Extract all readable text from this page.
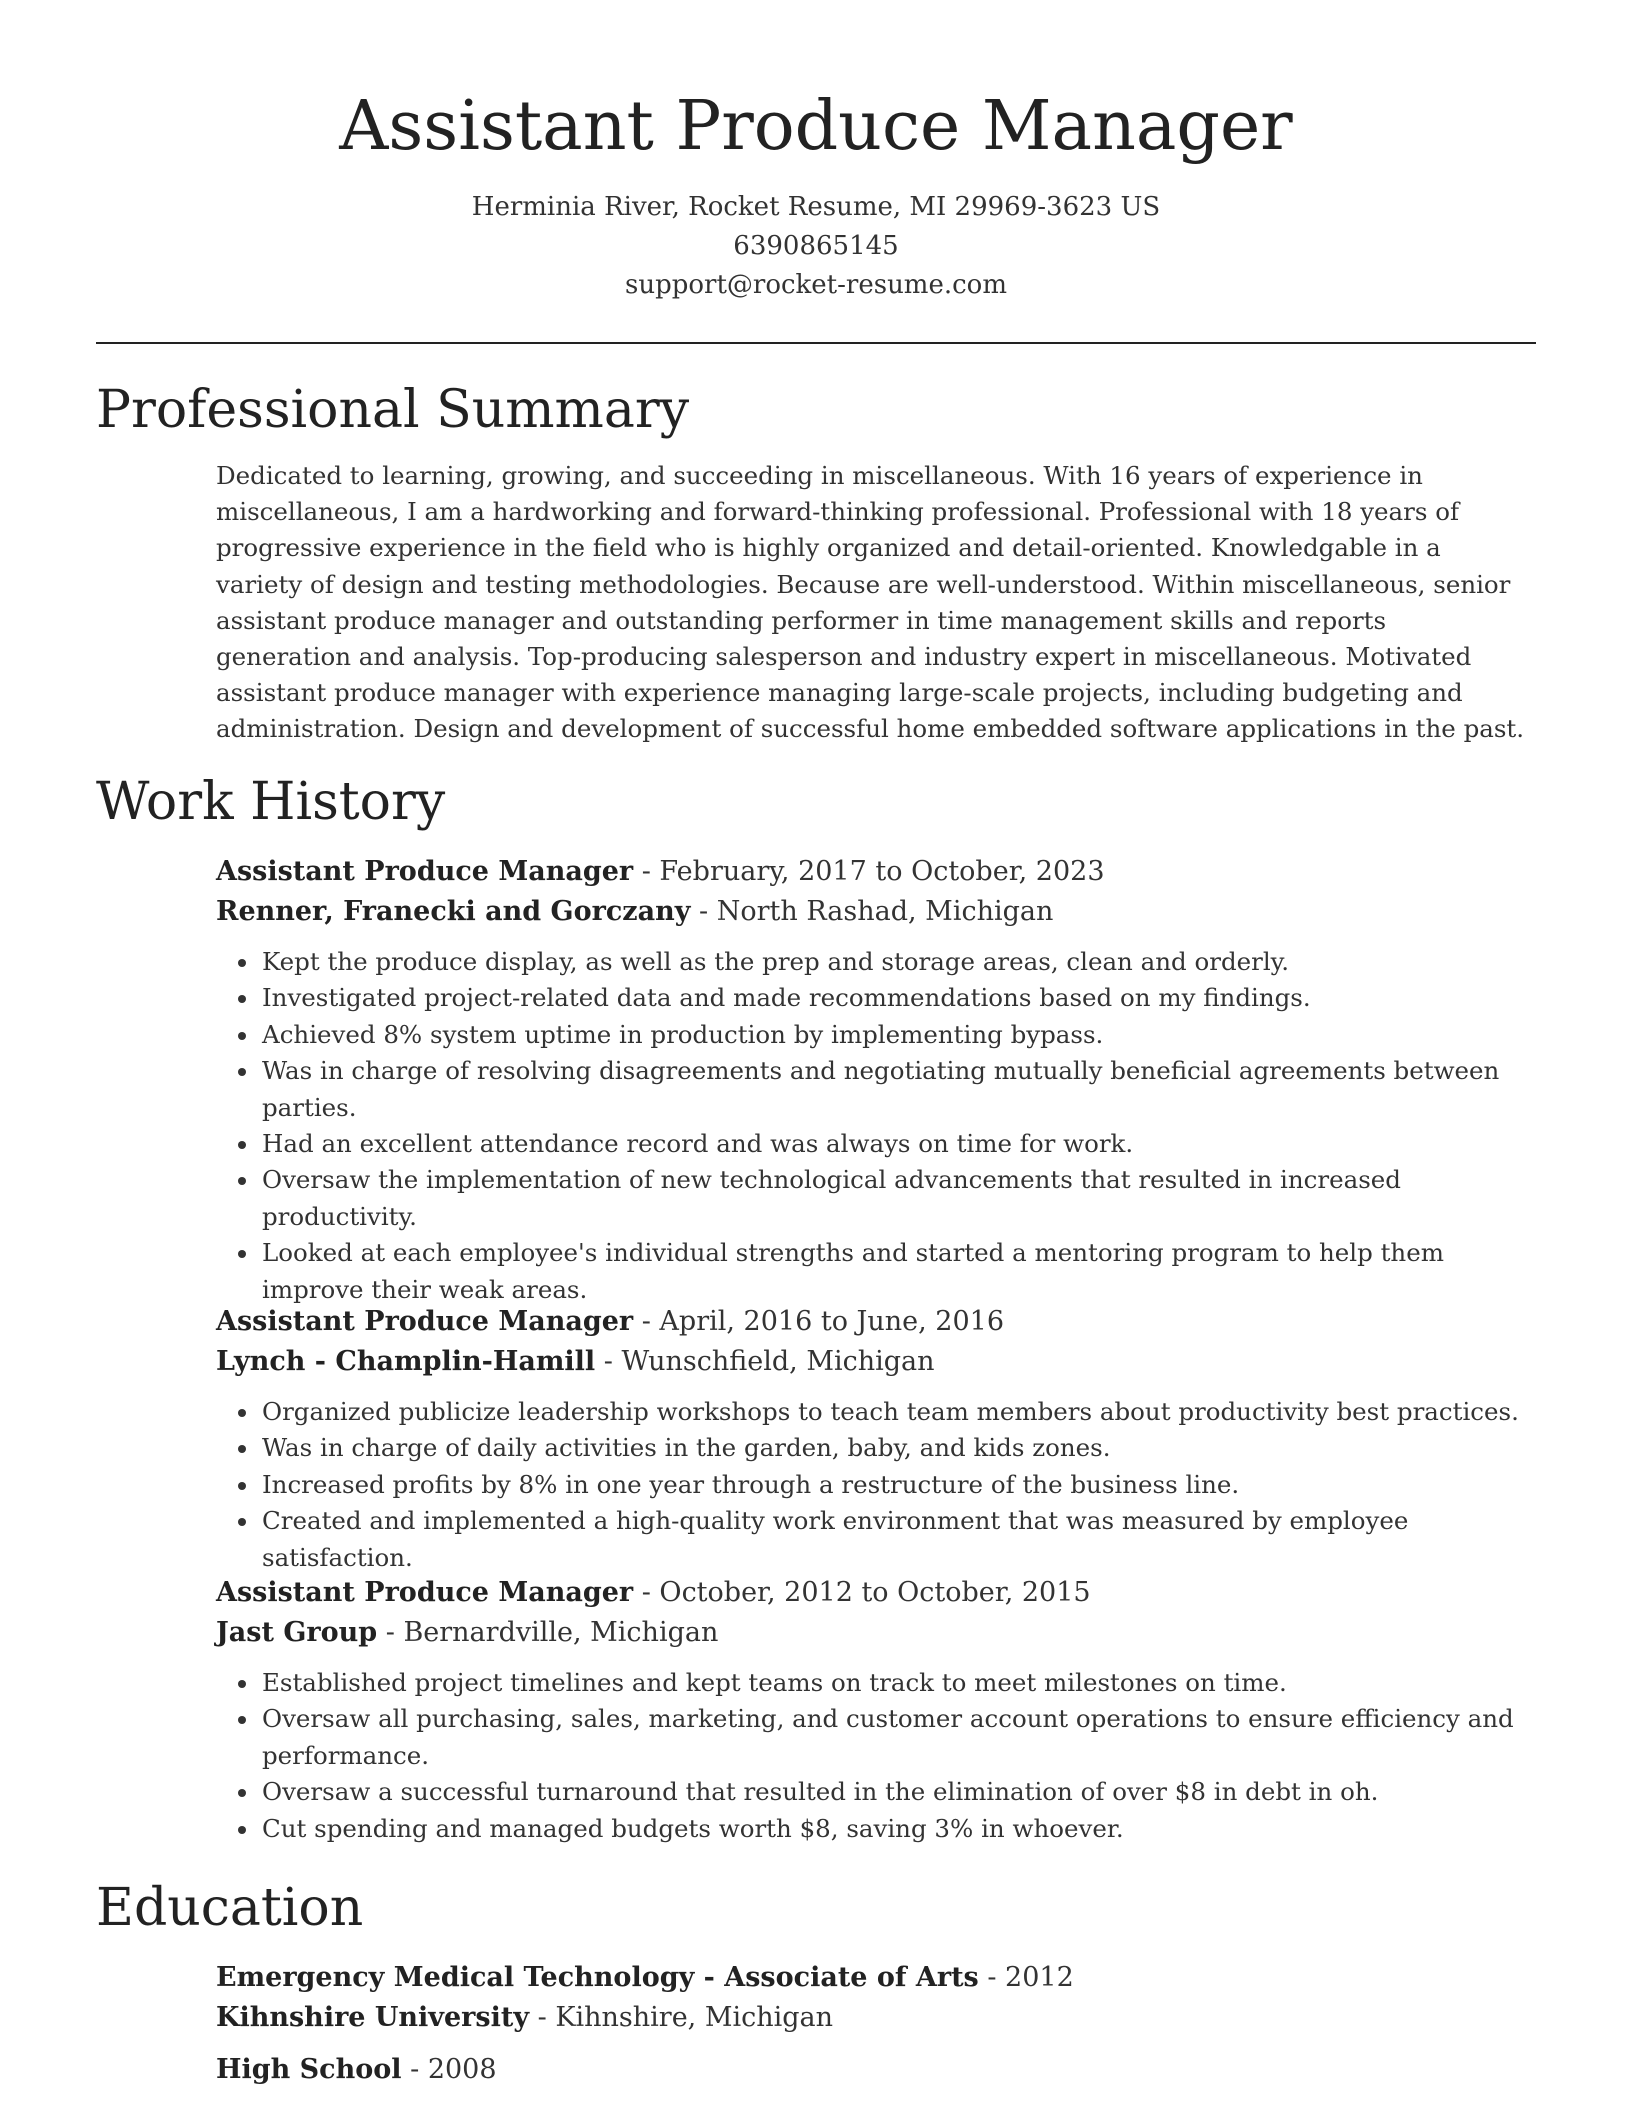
Assistant Produce Manager
Herminia River, Rocket Resume, MI 29969-3623 US
6390865145
support@rocket-resume.com
Professional Summary

Dedicated to learning, growing, and succeeding in miscellaneous. With 16 years of experience in miscellaneous, I am a hardworking and forward-thinking professional. Professional with 18 years of progressive experience in the field who is highly organized and detail-oriented. Knowledgable in a variety of design and testing methodologies. Because are well-understood. Within miscellaneous, senior assistant produce manager and outstanding performer in time management skills and reports generation and analysis. Top-producing salesperson and industry expert in miscellaneous. Motivated assistant produce manager with experience managing large-scale projects, including budgeting and administration. Design and development of successful home embedded software applications in the past.

Work History
Assistant Produce Manager - February, 2017 to October, 2023
Renner, Franecki and Gorczany - North Rashad, Michigan
• Kept the produce display, as well as the prep and storage areas, clean and orderly.
• Investigated project-related data and made recommendations based on my findings.
• Achieved 8% system uptime in production by implementing bypass.
• Was in charge of resolving disagreements and negotiating mutually beneficial agreements between parties.
• Had an excellent attendance record and was always on time for work.
• Oversaw the implementation of new technological advancements that resulted in increased productivity.
• Looked at each employee's individual strengths and started a mentoring program to help them improve their weak areas.
Assistant Produce Manager - April, 2016 to June, 2016
Lynch - Champlin-Hamill - Wunschfield, Michigan
• Organized publicize leadership workshops to teach team members about productivity best practices.
• Was in charge of daily activities in the garden, baby, and kids zones.
• Increased profits by 8% in one year through a restructure of the business line.
• Created and implemented a high-quality work environment that was measured by employee satisfaction.
Assistant Produce Manager - October, 2012 to October, 2015
Jast Group - Bernardville, Michigan
• Established project timelines and kept teams on track to meet milestones on time.
• Oversaw all purchasing, sales, marketing, and customer account operations to ensure efficiency and performance.
• Oversaw a successful turnaround that resulted in the elimination of over $8 in debt in oh.
• Cut spending and managed budgets worth $8, saving 3% in whoever.
Education
Emergency Medical Technology - Associate of Arts - 2012
Kihnshire University - Kihnshire, Michigan
High School - 2008
